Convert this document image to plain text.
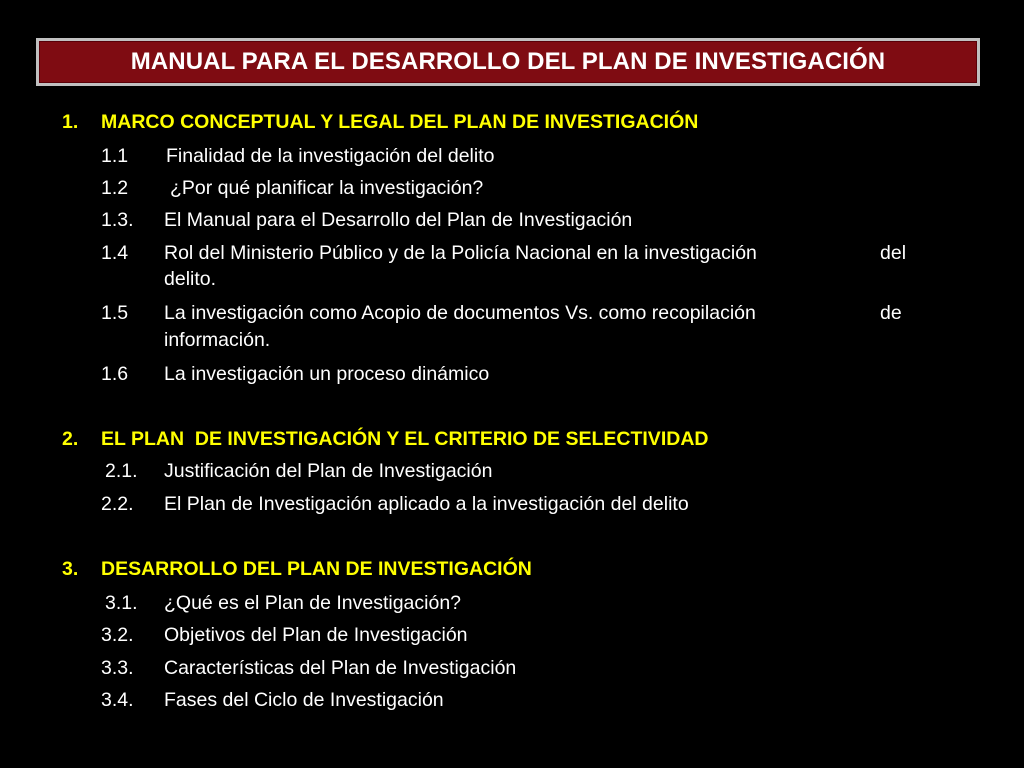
MANUAL PARA EL DESARROLLO DEL PLAN DE INVESTIGACIÓN
1. MARCO CONCEPTUAL Y LEGAL DEL PLAN DE INVESTIGACIÓN
1.1 Finalidad de la investigación del delito
1.2 ¿Por qué planificar la investigación?
1.3. El Manual para el Desarrollo del Plan de Investigación
1.4 Rol del Ministerio Público y de la Policía Nacional en la investigación	del
delito.
1.5 La investigación como Acopio de documentos Vs. como recopilación	de
información.
1.6 La investigación un proceso dinámico
2. EL PLAN  DE INVESTIGACIÓN Y EL CRITERIO DE SELECTIVIDAD
2.1. Justificación del Plan de Investigación
2.2. El Plan de Investigación aplicado a la investigación del delito
3. DESARROLLO DEL PLAN DE INVESTIGACIÓN
3.1. ¿Qué es el Plan de Investigación?
3.2. Objetivos del Plan de Investigación
3.3. Características del Plan de Investigación
3.4. Fases del Ciclo de Investigación
